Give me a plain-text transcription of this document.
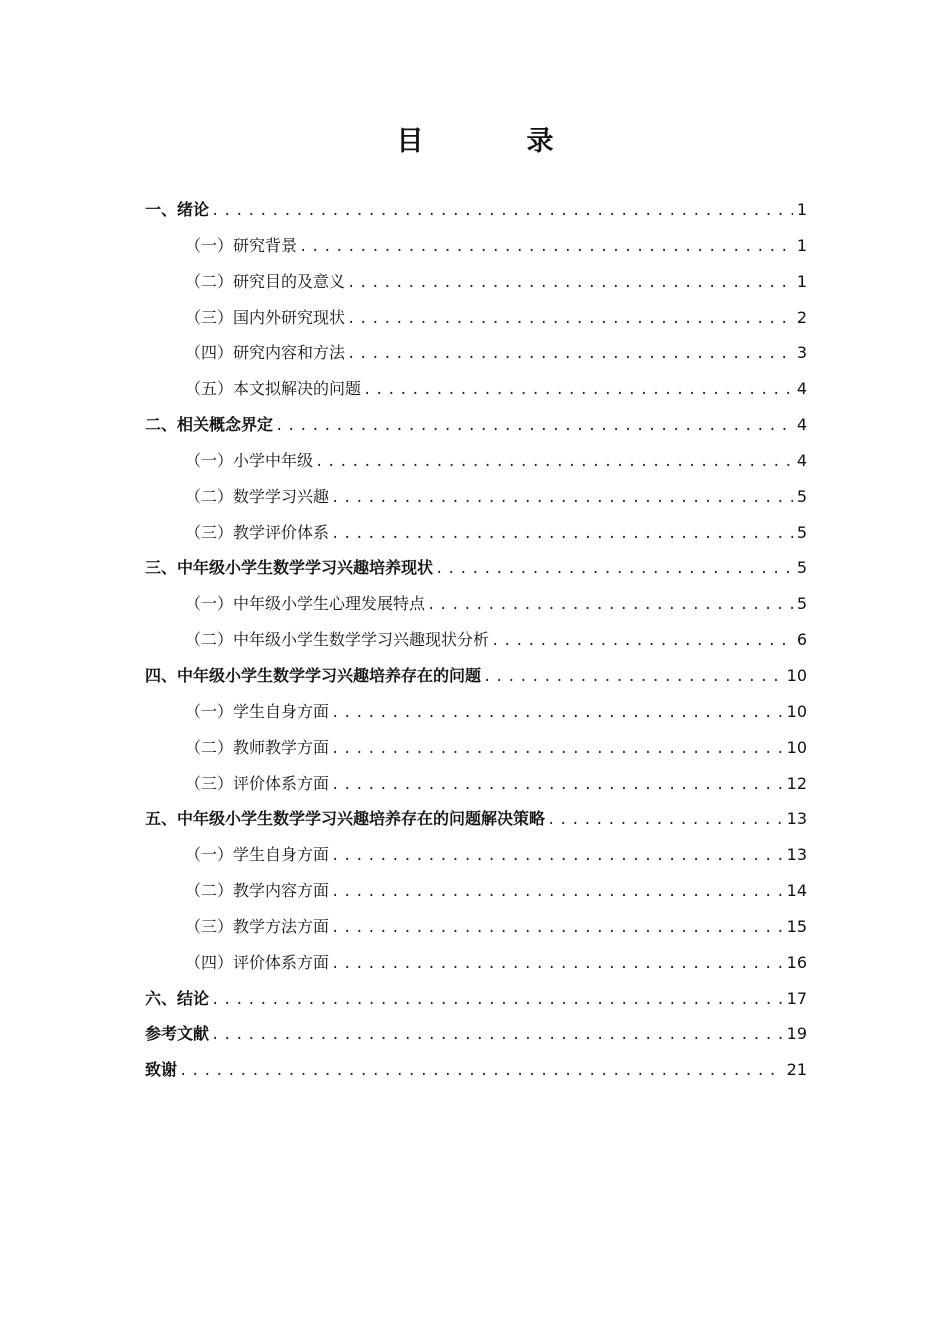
目　录
一、绪论 .....	1
（一）研究背景 .....	1
（二）研究目的及意义 .....	1
（三）国内外研究现状 .....	2
（四）研究内容和方法 .....	3
（五）本文拟解决的问题 .....	4
二、相关概念界定 .....	4
（一）小学中年级 .....	4
（二）数学学习兴趣 .....	5
（三）教学评价体系 .....	5
三、中年级小学生数学学习兴趣培养现状 .....	5
（一）中年级小学生心理发展特点 .....	5
（二）中年级小学生数学学习兴趣现状分析 .....	6
四、中年级小学生数学学习兴趣培养存在的问题 .....	10
（一）学生自身方面 .....	10
（二）教师教学方面 .....	10
（三）评价体系方面 .....	12
五、中年级小学生数学学习兴趣培养存在的问题解决策略 .....	13
（一）学生自身方面 .....	13
（二）教学内容方面 .....	14
（三）教学方法方面 .....	15
（四）评价体系方面 .....	16
六、结论 .....	17
参考文献 .....	19
致谢 .....	21
